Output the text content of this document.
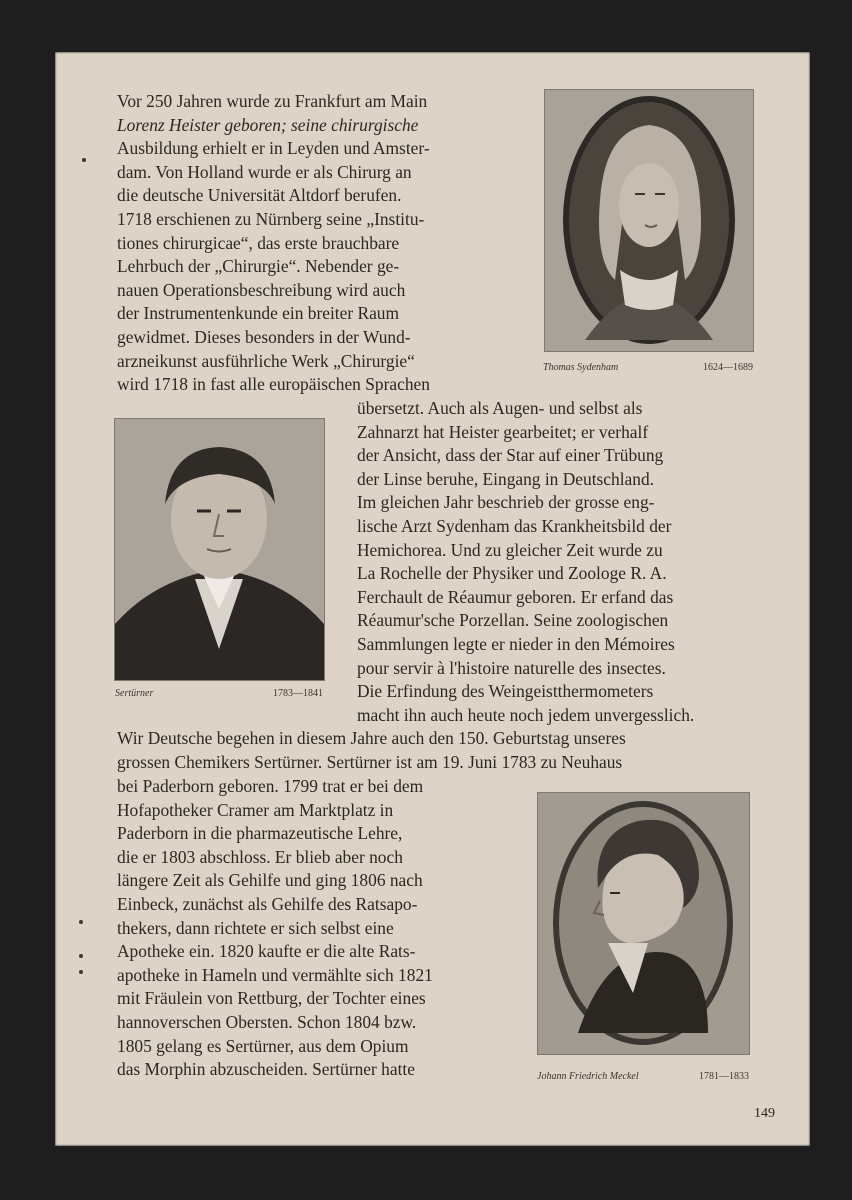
Vor 250 Jahren wurde zu Frankfurt am Main
Lorenz Heister geboren; seine chirurgische
Ausbildung erhielt er in Leyden und Amster-
dam. Von Holland wurde er als Chirurg an
die deutsche Universität Altdorf berufen.
1718 erschienen zu Nürnberg seine „Institu-
tiones chirurgicae“, das erste brauchbare
Lehrbuch der „Chirurgie“. Nebender ge-
nauen Operationsbeschreibung wird auch
der Instrumentenkunde ein breiter Raum
gewidmet. Dieses besonders in der Wund-
arzneikunst ausführliche Werk „Chirurgie“
wird 1718 in fast alle europäischen Sprachen
Thomas Sydenham	1624—1689
Sertürner	1783—1841
übersetzt. Auch als Augen- und selbst als
Zahnarzt hat Heister gearbeitet; er verhalf
der Ansicht, dass der Star auf einer Trübung
der Linse beruhe, Eingang in Deutschland.
Im gleichen Jahr beschrieb der grosse eng-
lische Arzt Sydenham das Krankheitsbild der
Hemichorea. Und zu gleicher Zeit wurde zu
La Rochelle der Physiker und Zoologe R. A.
Ferchault de Réaumur geboren. Er erfand das
Réaumur'sche Porzellan. Seine zoologischen
Sammlungen legte er nieder in den Mémoires
pour servir à l'histoire naturelle des insectes.
Die Erfindung des Weingeistthermometers
macht ihn auch heute noch jedem unvergesslich.
Wir Deutsche begehen in diesem Jahre auch den 150. Geburtstag unseres
grossen Chemikers Sertürner. Sertürner ist am 19. Juni 1783 zu Neuhaus
bei Paderborn geboren. 1799 trat er bei dem
Hofapotheker Cramer am Marktplatz in
Paderborn in die pharmazeutische Lehre,
die er 1803 abschloss. Er blieb aber noch
längere Zeit als Gehilfe und ging 1806 nach
Einbeck, zunächst als Gehilfe des Ratsapo-
thekers, dann richtete er sich selbst eine
Apotheke ein. 1820 kaufte er die alte Rats-
apotheke in Hameln und vermählte sich 1821
mit Fräulein von Rettburg, der Tochter eines
hannoverschen Obersten. Schon 1804 bzw.
1805 gelang es Sertürner, aus dem Opium
das Morphin abzuscheiden. Sertürner hatte	Johann Friedrich Meckel	1781—1833
149
